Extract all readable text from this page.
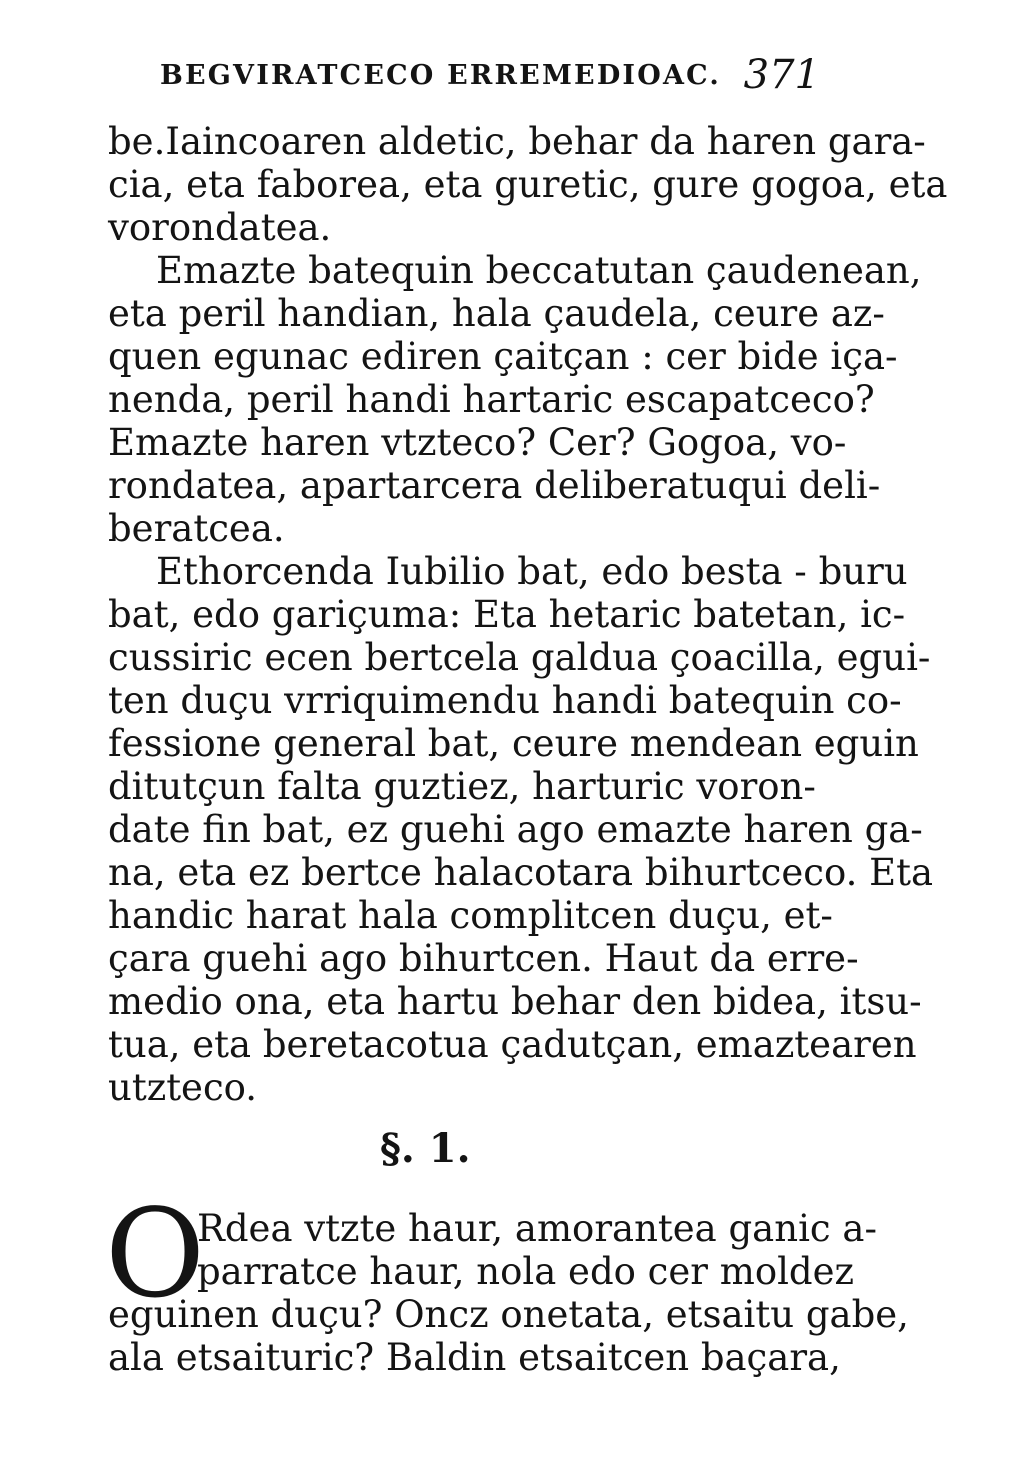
BEGVIRATCECO ERREMEDIOAC. 371
be.Iaincoaren aldetic, behar da haren gara-
cia, eta faborea, eta guretic, gure gogoa, eta
vorondatea.
Emazte batequin beccatutan çaudenean,
eta peril handian, hala çaudela, ceure az-
quen egunac ediren çaitçan : cer bide iça-
nenda, peril handi hartaric escapatceco?
Emazte haren vtzteco? Cer? Gogoa, vo-
rondatea, apartarcera deliberatuqui deli-
beratcea.
Ethorcenda Iubilio bat, edo besta - buru
bat, edo gariçuma: Eta hetaric batetan, ic-
cussiric ecen bertcela galdua çoacilla, egui-
ten duçu vrriquimendu handi batequin co-
fessione general bat, ceure mendean eguin
ditutçun falta guztiez, harturic voron-
date fin bat, ez guehi ago emazte haren ga-
na, eta ez bertce halacotara bihurtceco. Eta
handic harat hala complitcen duçu, et-
çara guehi ago bihurtcen. Haut da erre-
medio ona, eta hartu behar den bidea, itsu-
tua, eta beretacotua çadutçan, emaztearen
utzteco.
§. 1.
O
Rdea vtzte haur, amorantea ganic a-
parratce haur, nola edo cer moldez
eguinen duçu? Oncz onetata, etsaitu gabe,
ala etsaituric? Baldin etsaitcen baçara,
